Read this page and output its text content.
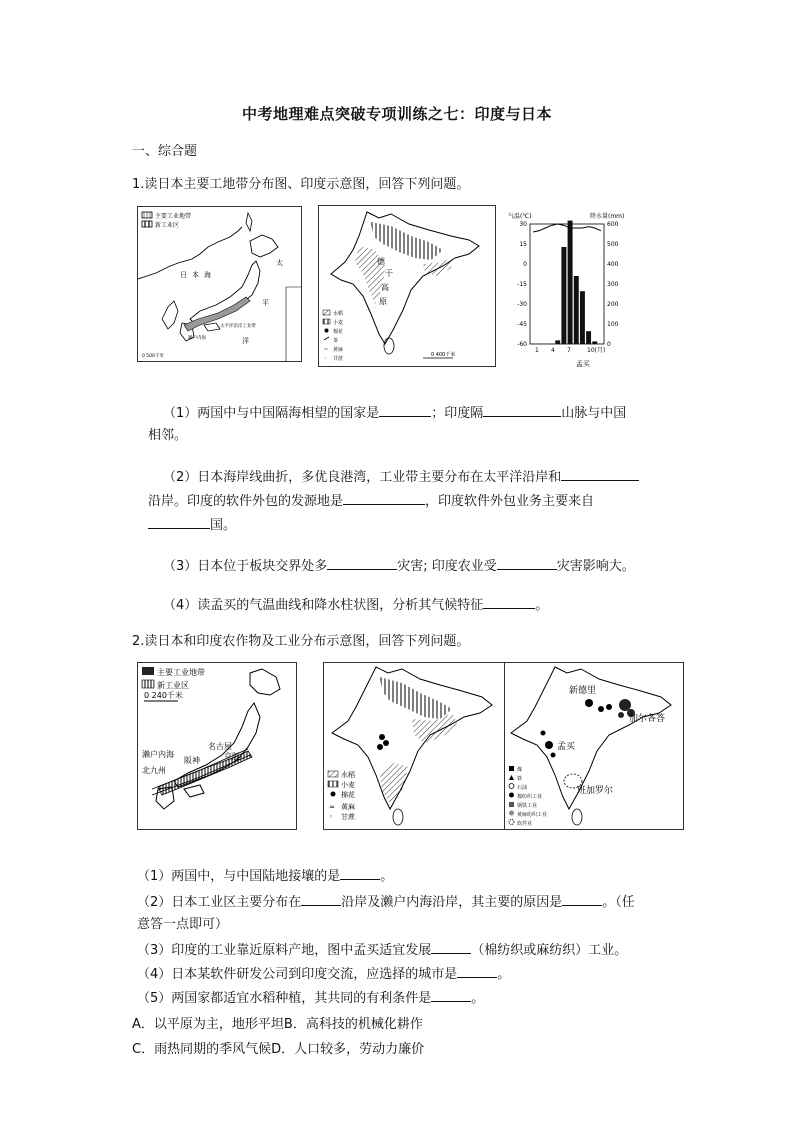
中考地理难点突破专项训练之七：印度与日本
一、综合题
1.读日本主要工地带分布图、印度示意图，回答下列问题。
主要工业地带
新工业区
日 本 海
太
平
洋
太平洋沿岸工业带
濑户内海
0 500千米
德
干
高
原
水稻
小麦
棉花
茶
~ 黄麻
◦ 甘蔗
0 400千米
气温(℃)	降水量(mm)
30
15
0
-15
-30
-45
-60
600
500
400
300
200
100
0
1 4 7	10(月)
孟买
（1）两国中与中国隔海相望的国家是	；印度隔	山脉与中国
相邻。
（2）日本海岸线曲折，多优良港湾，工业带主要分布在太平洋沿岸和
沿岸。印度的软件外包的发源地是	，印度软件外包业务主要来自
国。
（3）日本位于板块交界处多	灾害; 印度农业受	灾害影响大。
（4）读孟买的气温曲线和降水柱状图，分析其气候特征	。
2.读日本和印度农作物及工业分布示意图，回答下列问题。
主要工业地带
新工业区
0 240千米
名古屋
濑户内海	京阪
北九州
阪神
水稻
小麦
棉花
≈ 黄麻
◦ 甘蔗
新德里
孟买
加尔各答
班加罗尔
煤
铁
石油
棉纺织工业
钢铁工业
黄麻纺织工业
软件业
（1）两国中，与中国陆地接壤的是	。
（2）日本工业区主要分布在	沿岸及濑户内海沿岸，其主要的原因是	。（任
意答一点即可）
（3）印度的工业靠近原料产地，图中孟买适宜发展	（棉纺织或麻纺织）工业。
（4）日本某软件研发公司到印度交流，应选择的城市是	。
（5）两国家都适宜水稻种植，其共同的有利条件是	。
A．以平原为主，地形平坦B．高科技的机械化耕作
C．雨热同期的季风气候D．人口较多，劳动力廉价
